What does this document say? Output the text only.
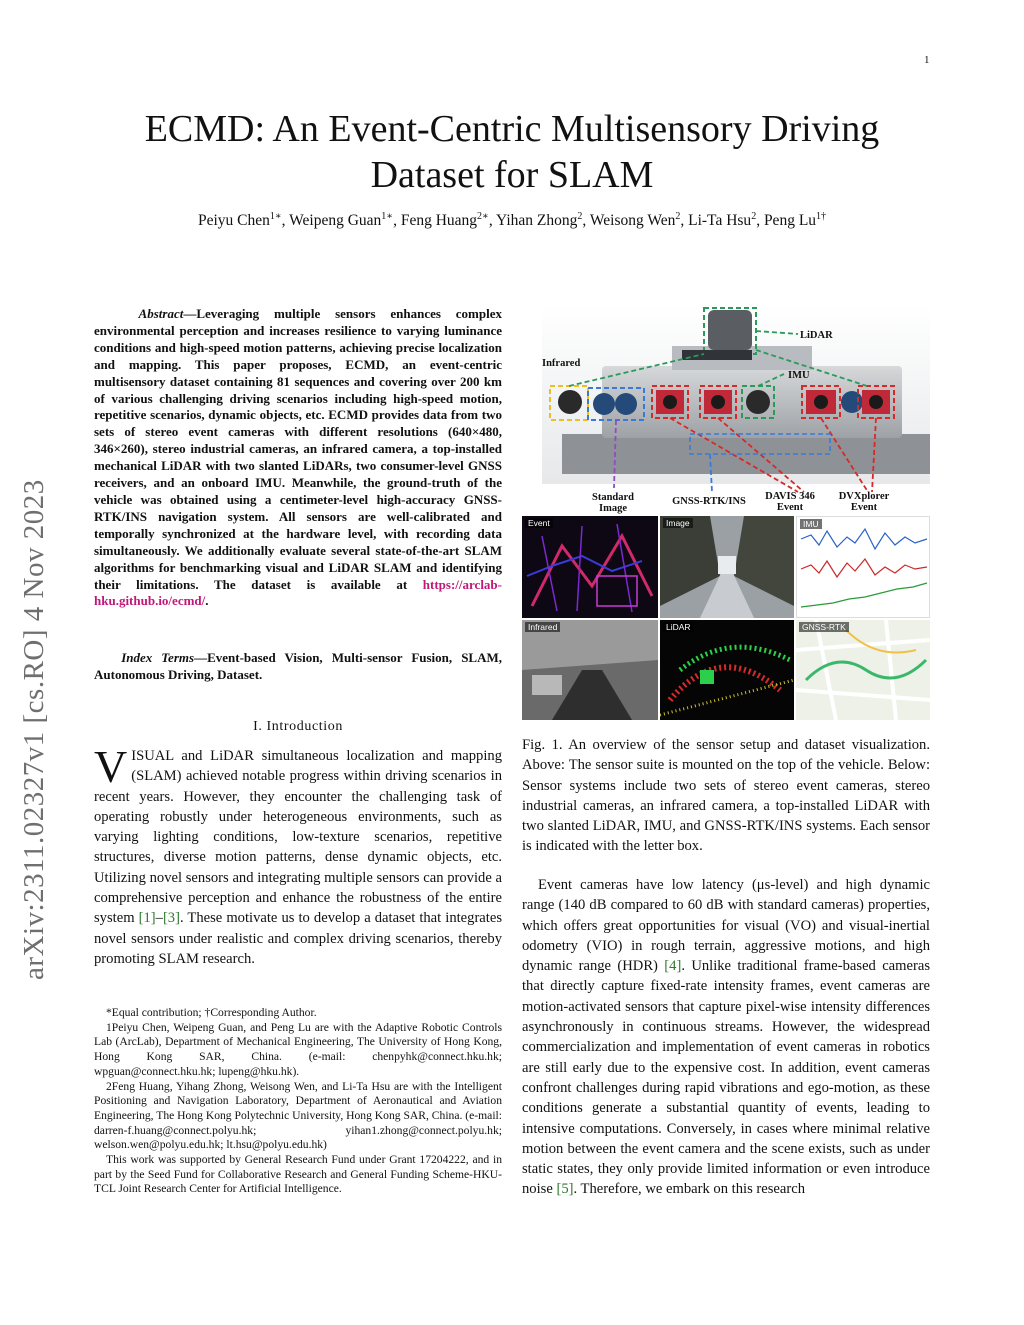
1
arXiv:2311.02327v1 [cs.RO] 4 Nov 2023
ECMD: An Event-Centric Multisensory Driving
Dataset for SLAM
Peiyu Chen$^{1∗}$, Weipeng Guan$^{1∗}$, Feng Huang$^{2∗}$, Yihan Zhong$^2$, Weisong Wen$^2$, Li-Ta Hsu$^2$, Peng $Lu^{1\dagger}$
Abstract—Leveraging multiple sensors enhances complex environmental perception and increases resilience to varying luminance conditions and high-speed motion patterns, achieving precise localization and mapping. This paper proposes, ECMD, an event-centric multisensory dataset containing 81 sequences and covering over 200 km of various challenging driving scenarios including high-speed motion, repetitive scenarios, dynamic objects, etc. ECMD provides data from two sets of stereo event cameras with different resolutions (640×480, 346×260), stereo industrial cameras, an infrared camera, a top-installed mechanical LiDAR with two slanted LiDARs, two consumer-level GNSS receivers, and an onboard IMU. Meanwhile, the ground-truth of the vehicle was obtained using a centimeter-level high-accuracy GNSS-RTK/INS navigation system. All sensors are well-calibrated and temporally synchronized at the hardware level, with recording data simultaneously. We additionally evaluate several state-of-the-art SLAM algorithms for benchmarking visual and LiDAR SLAM and identifying their limitations. The dataset is available at https://arclab-hku.github.io/ecmd/.
Index Terms—Event-based Vision, Multi-sensor Fusion, SLAM, Autonomous Driving, Dataset.
I. Introduction
VISUAL and LiDAR simultaneous localization and mapping (SLAM) achieved notable progress within driving scenarios in recent years. However, they encounter the challenging task of operating robustly under heterogeneous environments, such as varying lighting conditions, low-texture scenarios, repetitive structures, diverse motion patterns, dense dynamic objects, etc. Utilizing novel sensors and integrating multiple sensors can provide a comprehensive perception and enhance the robustness of the entire system [1]–[3]. These motivate us to develop a dataset that integrates novel sensors under realistic and complex driving scenarios, thereby promoting SLAM research.

*Equal contribution; †Corresponding Author.

1Peiyu Chen, Weipeng Guan, and Peng Lu are with the Adaptive Robotic Controls Lab (ArcLab), Department of Mechanical Engineering, The University of Hong Kong, Hong Kong SAR, China. (e-mail: chenpyhk@connect.hku.hk; wpguan@connect.hku.hk; lupeng@hku.hk).

2Feng Huang, Yihang Zhong, Weisong Wen, and Li-Ta Hsu are with the Intelligent Positioning and Navigation Laboratory, Department of Aeronautical and Aviation Engineering, The Hong Kong Polytechnic University, Hong Kong SAR, China. (e-mail: darren-f.huang@connect.polyu.hk; yihan1.zhong@connect.polyu.hk; welson.wen@polyu.edu.hk; lt.hsu@polyu.edu.hk)

This work was supported by General Research Fund under Grant 17204222, and in part by the Seed Fund for Collaborative Research and General Funding Scheme-HKU-TCL Joint Research Center for Artificial Intelligence.

Infrared
LiDAR
IMU
Standard Image
GNSS-RTK/INS	DAVIS 346 Event
DVXplorer Event
Event	Image	IMU
Infrared	LiDAR	GNSS-RTK
Fig. 1. An overview of the sensor setup and dataset visualization. Above: The sensor suite is mounted on the top of the vehicle. Below: Sensor systems include two sets of stereo event cameras, stereo industrial cameras, an infrared camera, a top-installed LiDAR with two slanted LiDAR, IMU, and GNSS-RTK/INS systems. Each sensor is indicated with the letter box.
Event cameras have low latency (μs-level) and high dynamic range (140 dB compared to 60 dB with standard cameras) properties, which offers great opportunities for visual (VO) and visual-inertial odometry (VIO) in rough terrain, aggressive motions, and high dynamic range (HDR) [4]. Unlike traditional frame-based cameras that directly capture fixed-rate intensity frames, event cameras are motion-activated sensors that capture pixel-wise intensity differences asynchronously in continuous streams. However, the widespread commercialization and implementation of event cameras in robotics are still early due to the expensive cost. In addition, event cameras confront challenges during rapid vibrations and ego-motion, as these conditions generate a substantial quantity of events, leading to intensive computations. Conversely, in cases where minimal relative motion between the event camera and the scene exists, such as under static states, they only provide limited information or even introduce noise [5]. Therefore, we embark on this research
